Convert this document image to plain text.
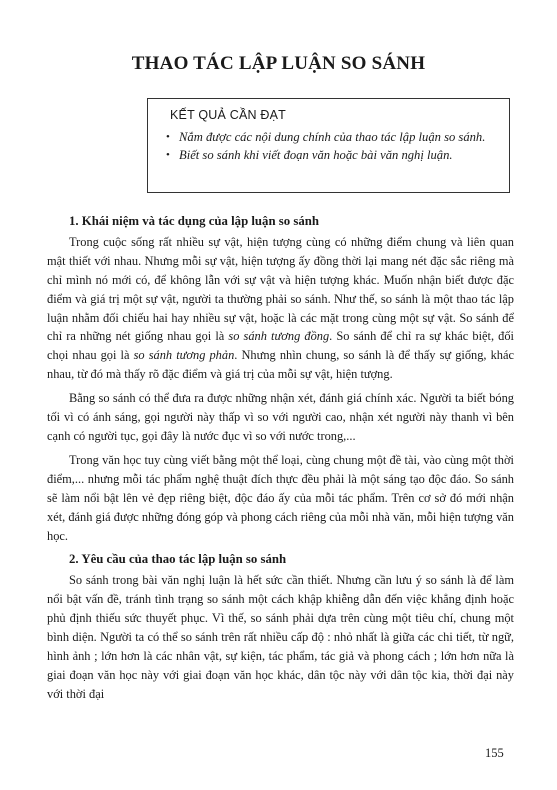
THAO TÁC LẬP LUẬN SO SÁNH
KẾT QUẢ CẦN ĐẠT
• Nắm được các nội dung chính của thao tác lập luận so sánh.
• Biết so sánh khi viết đoạn văn hoặc bài văn nghị luận.

1. Khái niệm và tác dụng của lập luận so sánh

Trong cuộc sống rất nhiều sự vật, hiện tượng cùng có những điểm chung và liên quan mật thiết với nhau. Nhưng mỗi sự vật, hiện tượng ấy đồng thời lại mang nét đặc sắc riêng mà chỉ mình nó mới có, để không lẫn với sự vật và hiện tượng khác. Muốn nhận biết được đặc điểm và giá trị một sự vật, người ta thường phải so sánh. Như thế, so sánh là một thao tác lập luận nhằm đối chiếu hai hay nhiều sự vật, hoặc là các mặt trong cùng một sự vật. So sánh để chỉ ra những nét giống nhau gọi là so sánh tương đồng. So sánh để chỉ ra sự khác biệt, đối chọi nhau gọi là so sánh tương phản. Nhưng nhìn chung, so sánh là để thấy sự giống, khác nhau, từ đó mà thấy rõ đặc điểm và giá trị của mỗi sự vật, hiện tượng.

Bằng so sánh có thể đưa ra được những nhận xét, đánh giá chính xác. Người ta biết bóng tối vì có ánh sáng, gọi người này thấp vì so với người cao, nhận xét người này thanh vì bên cạnh có người tục, gọi đây là nước đục vì so với nước trong,...

Trong văn học tuy cùng viết bằng một thể loại, cùng chung một đề tài, vào cùng một thời điểm,... nhưng mỗi tác phẩm nghệ thuật đích thực đều phải là một sáng tạo độc đáo. So sánh sẽ làm nổi bật lên vẻ đẹp riêng biệt, độc đáo ấy của mỗi tác phẩm. Trên cơ sở đó mới nhận xét, đánh giá được những đóng góp và phong cách riêng của mỗi nhà văn, mỗi hiện tượng văn học.

2. Yêu cầu của thao tác lập luận so sánh

So sánh trong bài văn nghị luận là hết sức cần thiết. Nhưng cần lưu ý so sánh là để làm nổi bật vấn đề, tránh tình trạng so sánh một cách khập khiễng dẫn đến việc khẳng định hoặc phủ định thiếu sức thuyết phục. Vì thế, so sánh phải dựa trên cùng một tiêu chí, chung một bình diện. Người ta có thể so sánh trên rất nhiều cấp độ : nhỏ nhất là giữa các chi tiết, từ ngữ, hình ảnh ; lớn hơn là các nhân vật, sự kiện, tác phẩm, tác giả và phong cách ; lớn hơn nữa là giai đoạn văn học này với giai đoạn văn học khác, dân tộc này với dân tộc kia, thời đại này với thời đại

155
